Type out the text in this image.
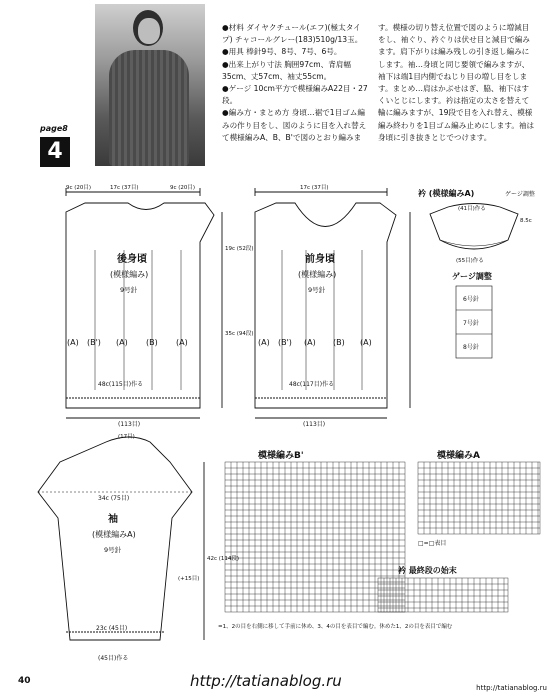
page8
4

●材料 ダイヤクチュール(エフ)(極太タイプ) チャコールグレー(183)510g/13玉。

●用具 棒針9号、8号、7号、6号。

●出来上がり寸法 胸囲97cm、背肩幅35cm、丈57cm、袖丈55cm。

●ゲージ 10cm平方で模様編みA22目・27段。

●編み方・まとめ方 身頃…裾で1目ゴム編みの作り目をし、図のように目を入れ替えて模様編みA、B、B'で図のとおり編みま

す。模様の切り替え位置で図のように増減目をし、袖ぐり、衿ぐりは伏せ目と減目で編みます。肩下がりは編み残しの引き返し編みにします。袖…身頃と同じ要領で編みますが、袖下は端1目内側でねじり目の増し目をします。まとめ…肩はかぶせはぎ、脇、袖下はすくいとじにします。衿は指定の太さを替えて輪に編みますが、19段で目を入れ替え、模様編み終わりを1目ゴム編み止めにします。袖は身頃に引き抜きとじでつけます。
後身頃
(模様編み)
9号針
前身頃
(模様編み)
9号針
袖
(模様編みA)
9号針
衿 (模様編みA)	ゲージ調整
(A) (B') (A) (B) (A)	(A) (B') (A) (B) (A)
9c (20目)	17c (37目)	9c (20目)
48c(115目)作る
(113目)
17c (37目)
48c(117目)作る
(113目)
35c (94段)
19c (52段)
(17目)
34c (75目)
23c (45目)
(45目)作る
42c (114段)
(+15目)
(41目)作る
(55目)作る
8.5c
ゲージ調整
6号針
7号針
8号針
模様編みB'	模様編みA
衿 最終段の始末
□=□表目
=1、2の目を右側に移して手前に休め、3、4の目を表目で編む。休めた1、2の目を表目で編む
40	http://tatianablog.ru	http://tatianablog.ru
